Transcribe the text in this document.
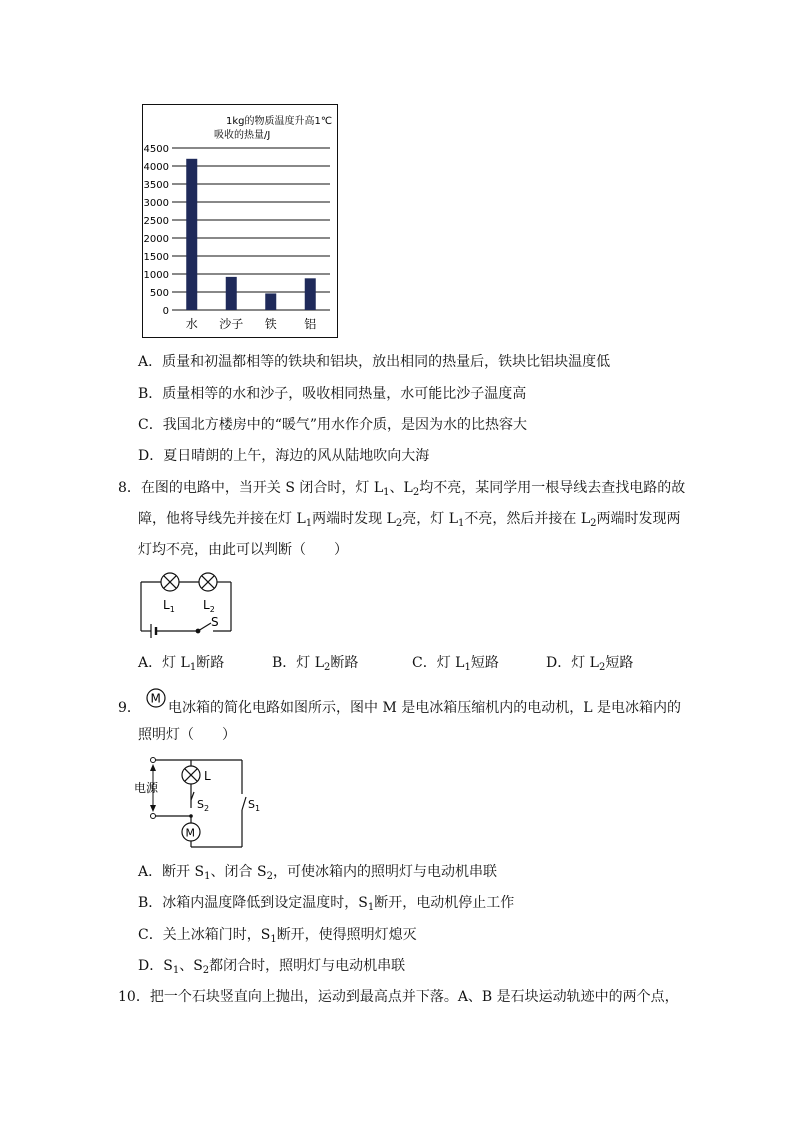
1kg的物质温度升高1℃
吸收的热量/J
4500
4000
3500
3000
2500
2000
1500
1000
500
0
水 沙子 铁 铝
A．质量和初温都相等的铁块和铝块，放出相同的热量后，铁块比铝块温度低
B．质量相等的水和沙子，吸收相同热量，水可能比沙子温度高
C．我国北方楼房中的“暖气”用水作介质，是因为水的比热容大
D．夏日晴朗的上午，海边的风从陆地吹向大海
8．在图的电路中，当开关 S 闭合时，灯 $L_1$、$L_2$均不亮，某同学用一根导线去查找电路的故
障，他将导线先并接在灯 $L_1$两端时发现 $L_2$亮，灯 $L_1$不亮，然后并接在 $L_2$两端时发现两
灯均不亮，由此可以判断（　　）
$L_1$ $L_2$
S
A．灯 $L_1$断路	B．灯 $L_2$断路	C．灯 $L_1$短路	D．灯 $L_2$短路
9．
M
电冰箱的简化电路如图所示，图中 M 是电冰箱压缩机内的电动机，L 是电冰箱内的
照明灯（　　）
M
电源
L
$S_2$	$S_1$
A．断开 $S_1$、闭合 $S_2$，可使冰箱内的照明灯与电动机串联
B．冰箱内温度降低到设定温度时，$S_1$断开，电动机停止工作
C．关上冰箱门时，$S_1$断开，使得照明灯熄灭
D．$S_1$、$S_2$都闭合时，照明灯与电动机串联
10．把一个石块竖直向上抛出，运动到最高点并下落。A、B 是石块运动轨迹中的两个点，
